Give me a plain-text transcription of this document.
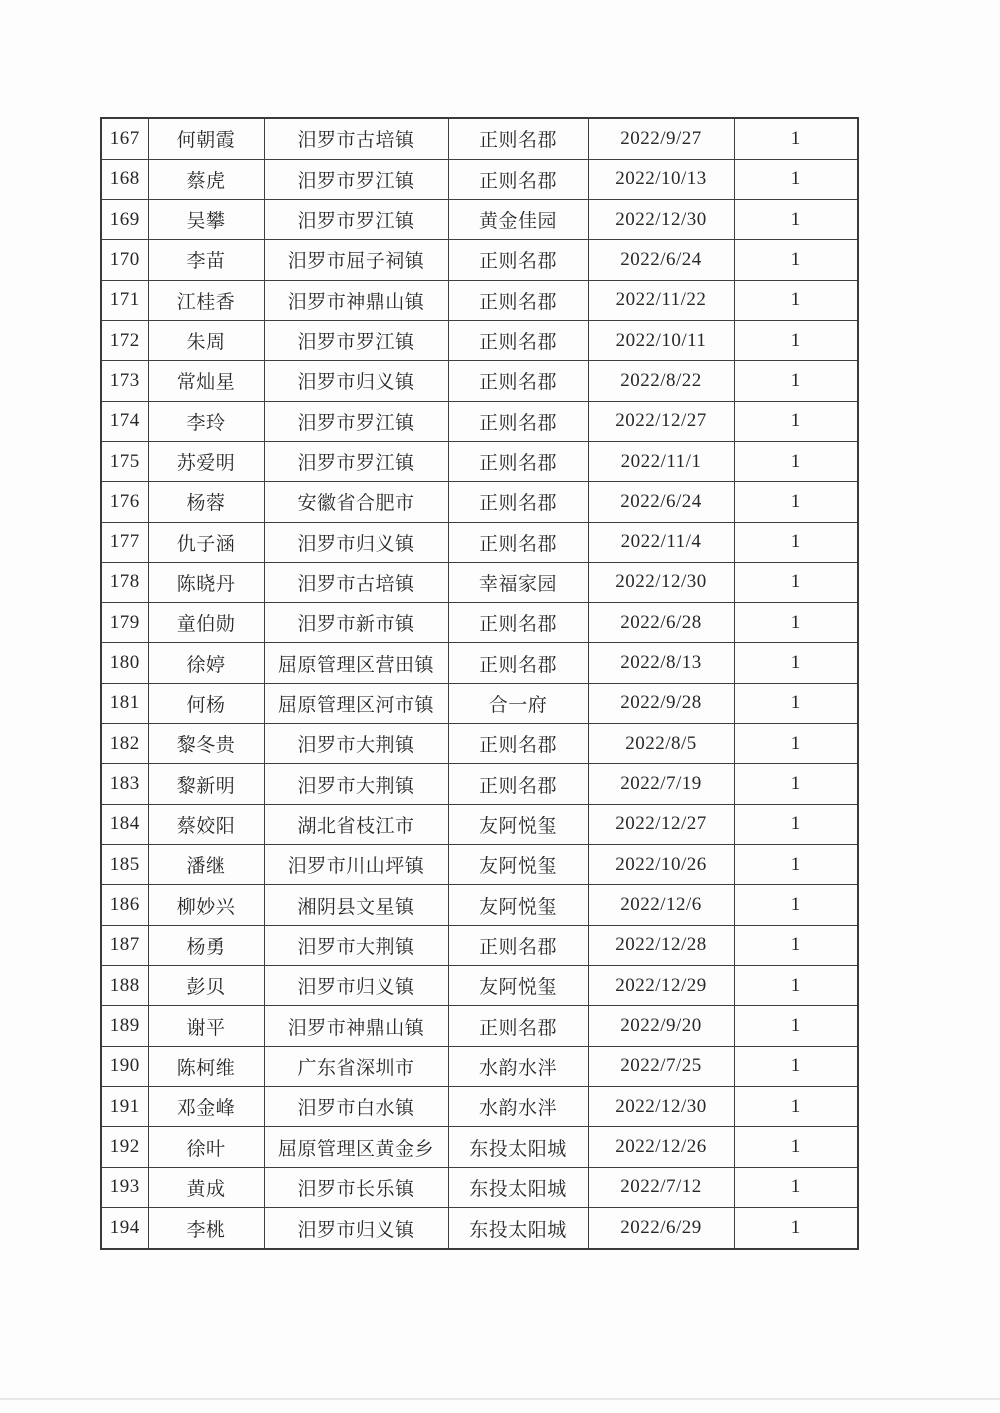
167	何朝霞	汨罗市古培镇	正则名郡	2022/9/27	1
168	蔡虎	汨罗市罗江镇	正则名郡	2022/10/13	1
169	吴攀	汨罗市罗江镇	黄金佳园	2022/12/30	1
170	李苗	汨罗市屈子祠镇	正则名郡	2022/6/24	1
171	江桂香	汨罗市神鼎山镇	正则名郡	2022/11/22	1
172	朱周	汨罗市罗江镇	正则名郡	2022/10/11	1
173	常灿星	汨罗市归义镇	正则名郡	2022/8/22	1
174	李玲	汨罗市罗江镇	正则名郡	2022/12/27	1
175	苏爱明	汨罗市罗江镇	正则名郡	2022/11/1	1
176	杨蓉	安徽省合肥市	正则名郡	2022/6/24	1
177	仇子涵	汨罗市归义镇	正则名郡	2022/11/4	1
178	陈晓丹	汨罗市古培镇	幸福家园	2022/12/30	1
179	童伯勋	汨罗市新市镇	正则名郡	2022/6/28	1
180	徐婷	屈原管理区营田镇	正则名郡	2022/8/13	1
181	何杨	屈原管理区河市镇	合一府	2022/9/28	1
182	黎冬贵	汨罗市大荆镇	正则名郡	2022/8/5	1
183	黎新明	汨罗市大荆镇	正则名郡	2022/7/19	1
184	蔡姣阳	湖北省枝江市	友阿悦玺	2022/12/27	1
185	潘继	汨罗市川山坪镇	友阿悦玺	2022/10/26	1
186	柳妙兴	湘阴县文星镇	友阿悦玺	2022/12/6	1
187	杨勇	汨罗市大荆镇	正则名郡	2022/12/28	1
188	彭贝	汨罗市归义镇	友阿悦玺	2022/12/29	1
189	谢平	汨罗市神鼎山镇	正则名郡	2022/9/20	1
190	陈柯维	广东省深圳市	水韵水泮	2022/7/25	1
191	邓金峰	汨罗市白水镇	水韵水泮	2022/12/30	1
192	徐叶	屈原管理区黄金乡	东投太阳城	2022/12/26	1
193	黄成	汨罗市长乐镇	东投太阳城	2022/7/12	1
194	李桃	汨罗市归义镇	东投太阳城	2022/6/29	1
